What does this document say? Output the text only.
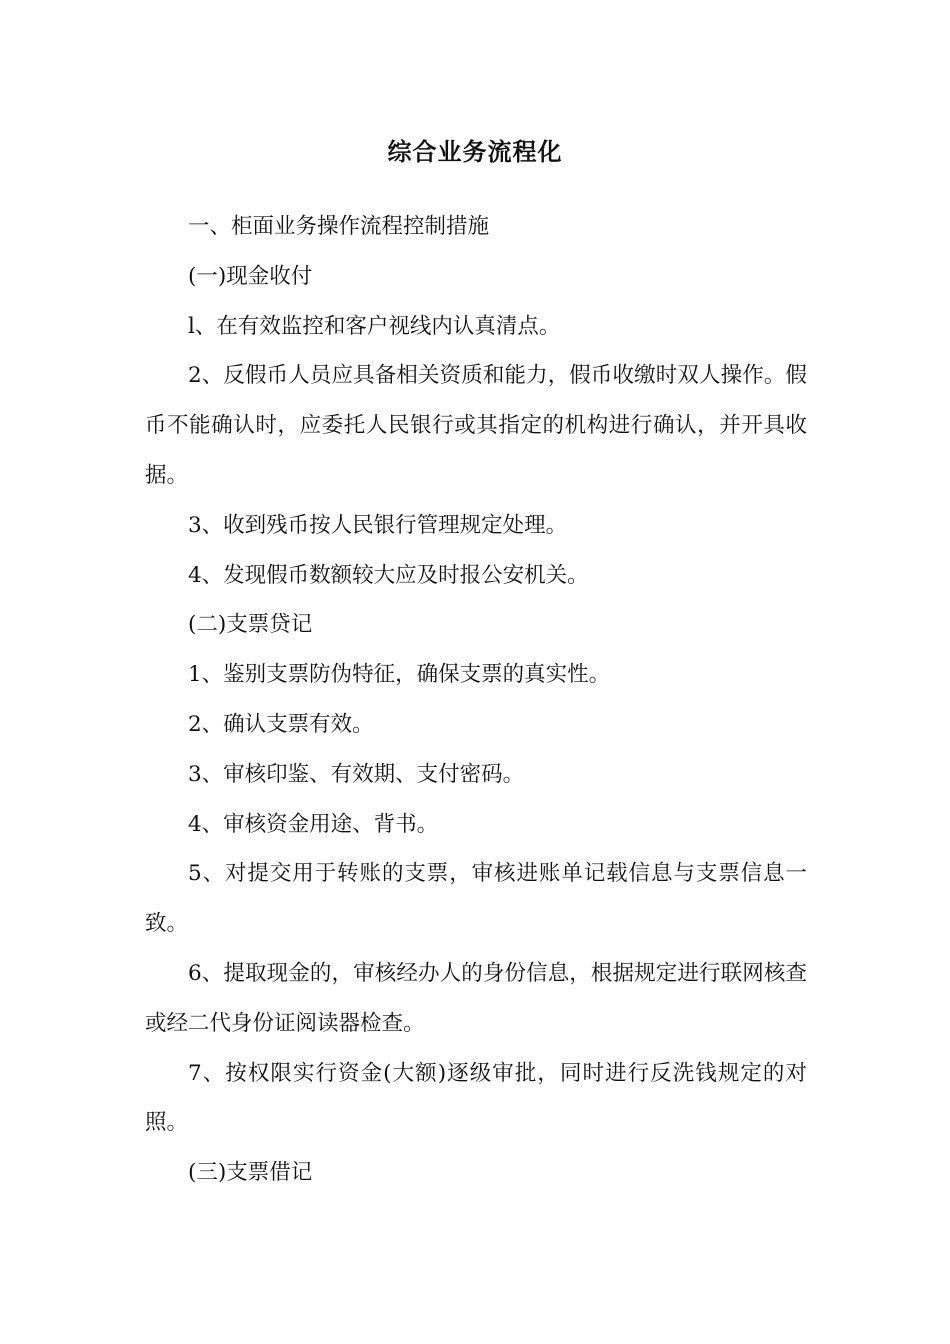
综合业务流程化

一、柜面业务操作流程控制措施

(一)现金收付

l、在有效监控和客户视线内认真清点。

2、反假币人员应具备相关资质和能力，假币收缴时双人操作。假币不能确认时，应委托人民银行或其指定的机构进行确认，并开具收据。

3、收到残币按人民银行管理规定处理。

4、发现假币数额较大应及时报公安机关。

(二)支票贷记

1、鉴别支票防伪特征，确保支票的真实性。

2、确认支票有效。

3、审核印鉴、有效期、支付密码。

4、审核资金用途、背书。

5、对提交用于转账的支票，审核进账单记载信息与支票信息一致。

6、提取现金的，审核经办人的身份信息，根据规定进行联网核查或经二代身份证阅读器检查。

7、按权限实行资金(大额)逐级审批，同时进行反洗钱规定的对照。

(三)支票借记
